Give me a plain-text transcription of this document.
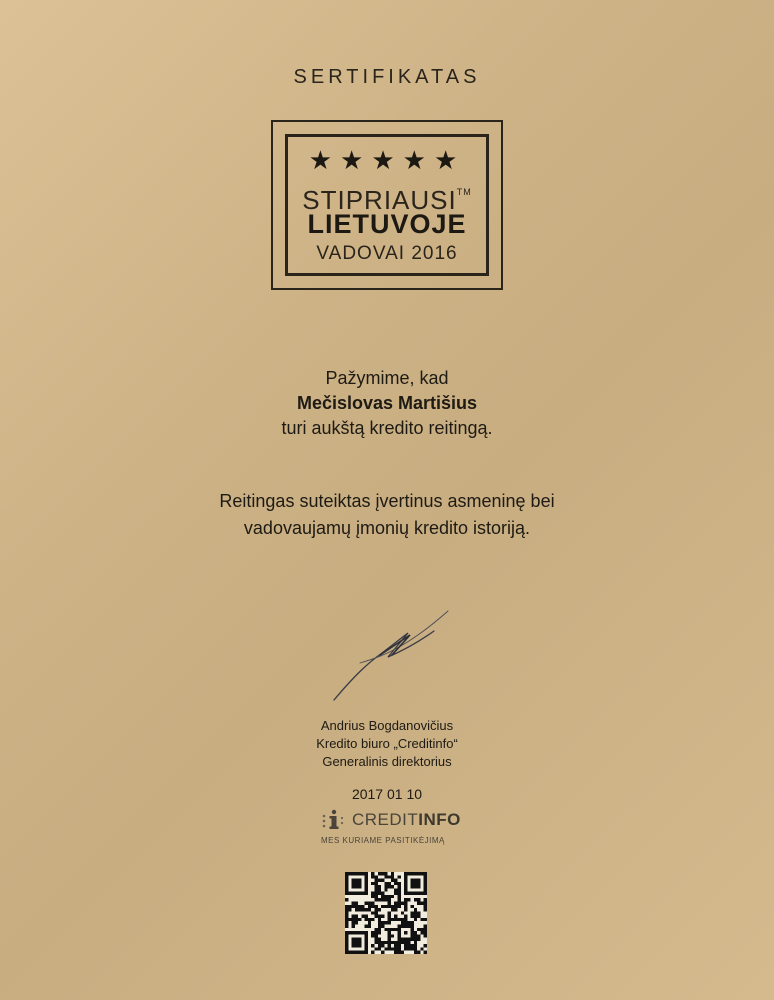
SERTIFIKATAS
★★★★★
STIPRIAUSI™
LIETUVOJE
VADOVAI 2016
Pažymime, kad
Mečislovas Martišius
turi aukštą kredito reitingą.
Reitingas suteiktas įvertinus asmeninę bei
vadovaujamų įmonių kredito istoriją.
Andrius Bogdanovičius
Kredito biuro „Creditinfo“
Generalinis direktorius
2017 01 10
CREDITINFO
MES KURIAME PASITIKĖJIMĄ
